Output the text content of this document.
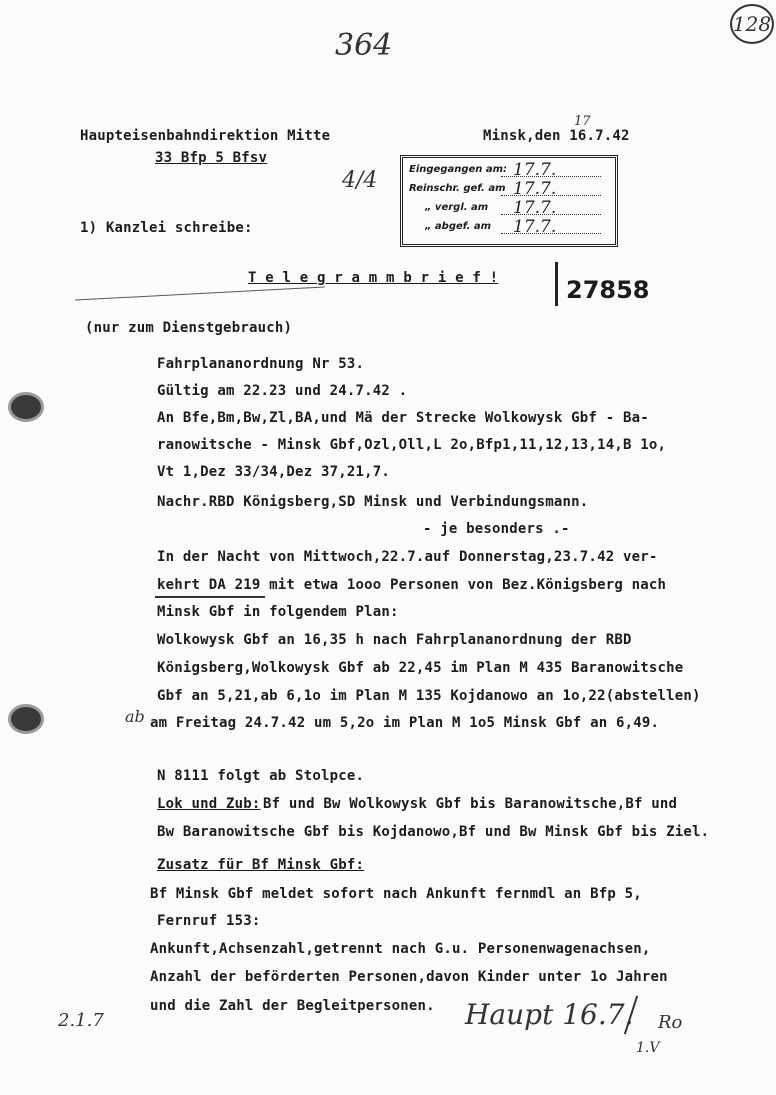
364
128
Haupteisenbahndirektion Mitte
33 Bfp 5 Bfsv
Minsk,den 16.7.42
17
4/4	Eingegangen am: 17.7.
Reinschr. gef. am 17.7.
„ vergl. am 17.7.
„ abgef. am 17.7.
1) Kanzlei schreibe:
T e l e g r a m m b r i e f !	27858
(nur zum Dienstgebrauch)
Fahrplananordnung Nr 53.
Gültig am 22.23 und 24.7.42 .
An Bfe,Bm,Bw,Zl,BA,und Mä der Strecke Wolkowysk Gbf - Ba-
ranowitsche - Minsk Gbf,Ozl,Oll,L 2o,Bfp1,11,12,13,14,B 1o,
Vt 1,Dez 33/34,Dez 37,21,7.
Nachr.RBD Königsberg,SD Minsk und Verbindungsmann.
- je besonders .-
In der Nacht von Mittwoch,22.7.auf Donnerstag,23.7.42 ver-
kehrt DA 219 mit etwa 1ooo Personen von Bez.Königsberg nach
Minsk Gbf in folgendem Plan:
Wolkowysk Gbf an 16,35 h nach Fahrplananordnung der RBD
Königsberg,Wolkowysk Gbf ab 22,45 im Plan M 435 Baranowitsche
Gbf an 5,21,ab 6,1o im Plan M 135 Kojdanowo an 1o,22(abstellen)
ab am Freitag 24.7.42 um 5,2o im Plan M 1o5 Minsk Gbf an 6,49.
N 8111 folgt ab Stolpce.
Lok und Zub: Bf und Bw Wolkowysk Gbf bis Baranowitsche,Bf und
Bw Baranowitsche Gbf bis Kojdanowo,Bf und Bw Minsk Gbf bis Ziel.
Zusatz für Bf Minsk Gbf:
Bf Minsk Gbf meldet sofort nach Ankunft fernmdl an Bfp 5,
Fernruf 153:
Ankunft,Achsenzahl,getrennt nach G.u. Personenwagenachsen,
Anzahl der beförderten Personen,davon Kinder unter 1o Jahren
und die Zahl der Begleitpersonen.
2.1.7	Haupt 16.7. Ro
1.V
